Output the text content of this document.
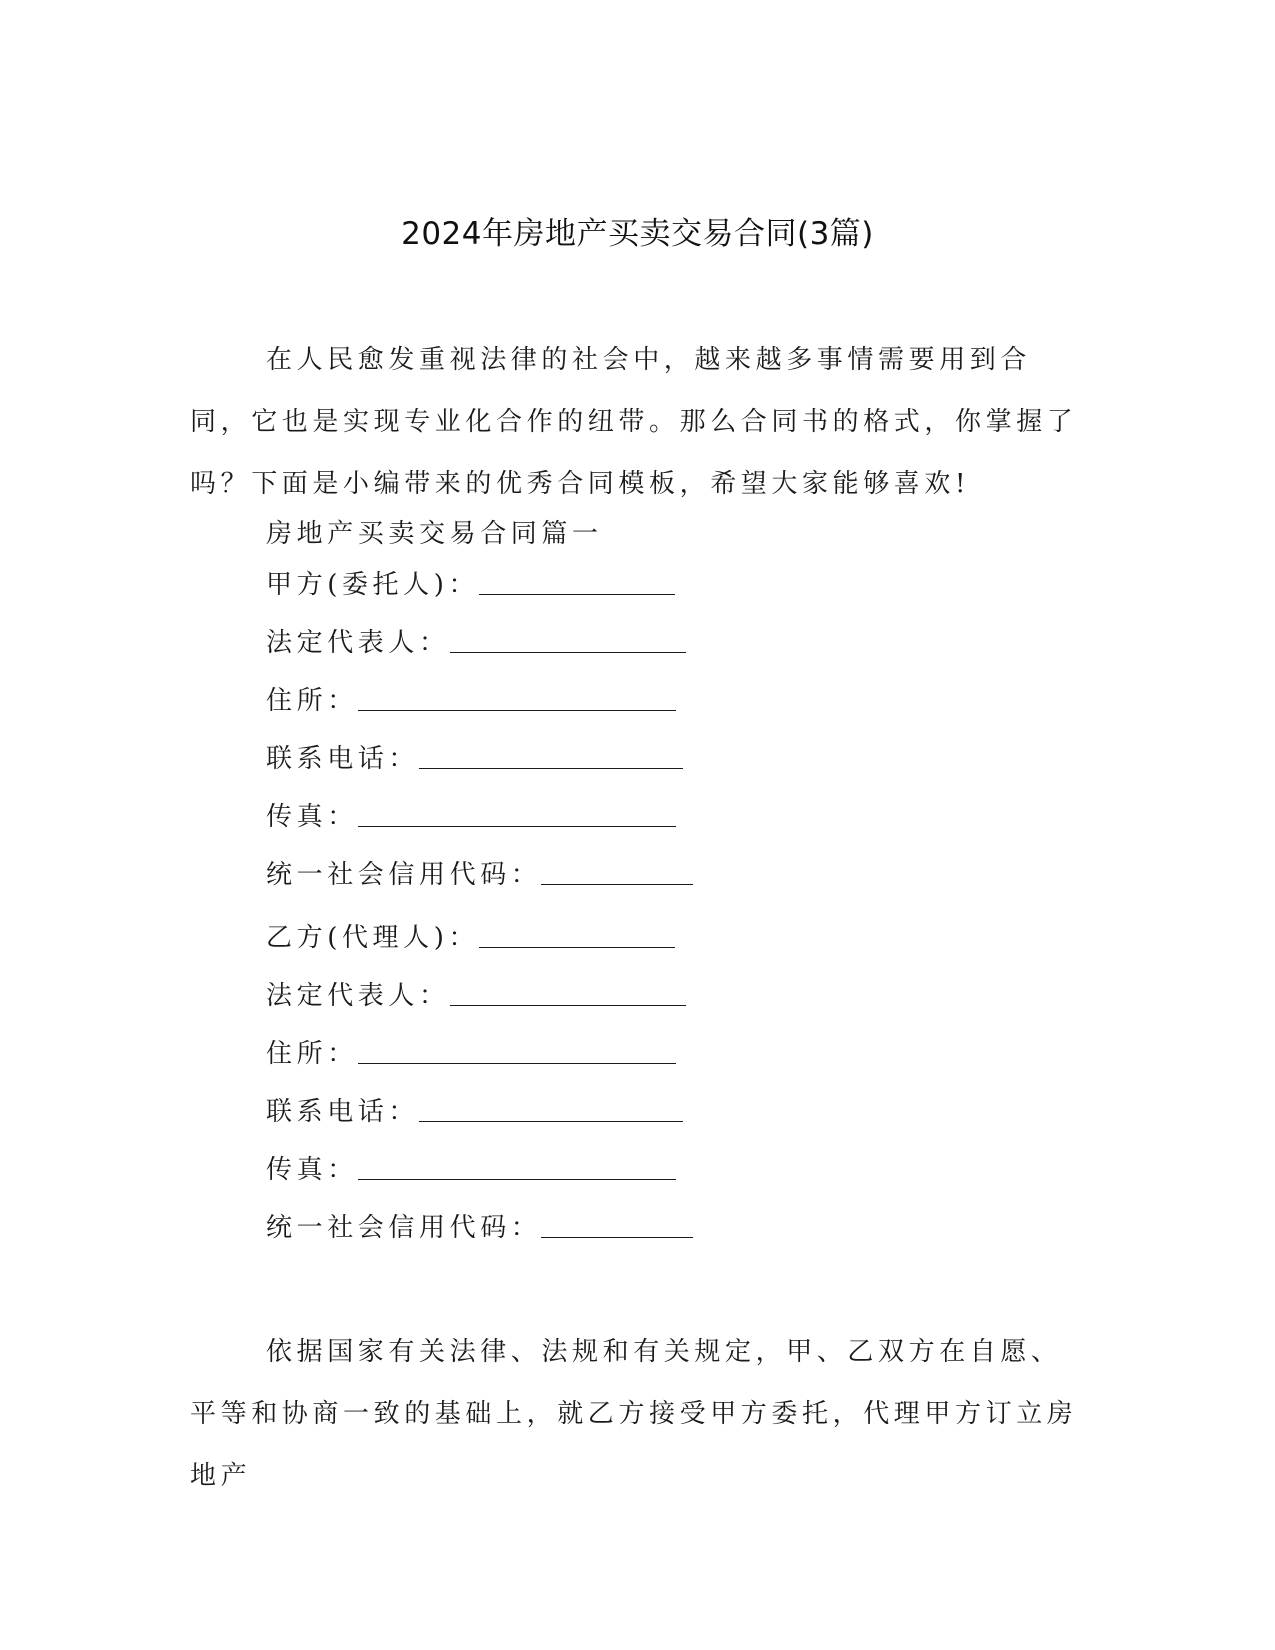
2024年房地产买卖交易合同(3篇)

在人民愈发重视法律的社会中，越来越多事情需要用到合同，它也是实现专业化合作的纽带。那么合同书的格式，你掌握了吗？下面是小编带来的优秀合同模板，希望大家能够喜欢!

房地产买卖交易合同篇一
甲方(委托人)：
法定代表人：
住所：
联系电话：
传真：
统一社会信用代码：
乙方(代理人)：
法定代表人：
住所：
联系电话：
传真：
统一社会信用代码：

依据国家有关法律、法规和有关规定，甲、乙双方在自愿、平等和协商一致的基础上，就乙方接受甲方委托，代理甲方订立房地产
